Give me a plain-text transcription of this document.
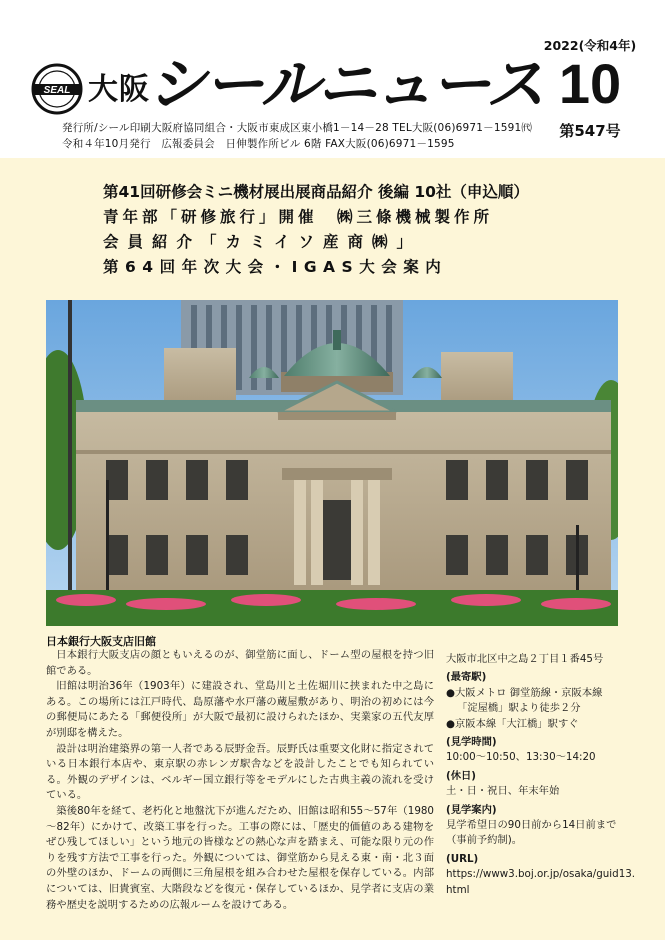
SEAL 大阪
シールニュース
発行所/シール印刷大阪府協同組合・大阪市東成区東小橋1－14－28 TEL大阪(06)6971－1591㈹
令和４年10月発行　広報委員会　日伸製作所ビル 6階 FAX大阪(06)6971－1595
2022(令和4年)
10
第547号
第41回研修会ミニ機材展出展商品紹介 後編 10社（申込順）
青年部「研修旅行」開催　㈱三條機械製作所
会員紹介「カミイソ産商㈱」
第64回年次大会・IGAS大会案内
日本銀行大阪支店旧館

日本銀行大阪支店の顔ともいえるのが、御堂筋に面し、ドーム型の屋根を持つ旧館である。

旧館は明治36年（1903年）に建設され、堂島川と土佐堀川に挟まれた中之島にある。この場所には江戸時代、島原藩や水戸藩の蔵屋敷があり、明治の初めには今の郵便局にあたる「郵便役所」が大阪で最初に設けられたほか、実業家の五代友厚が別邸を構えた。

設計は明治建築界の第一人者である辰野金吾。辰野氏は重要文化財に指定されている日本銀行本店や、東京駅の赤レンガ駅舎などを設計したことでも知られている。外観のデザインは、ベルギー国立銀行等をモデルにした古典主義の流れを受けている。

築後80年を経て、老朽化と地盤沈下が進んだため、旧館は昭和55～57年（1980～82年）にかけて、改築工事を行った。工事の際には、「歴史的価値のある建物をぜひ残してほしい」という地元の皆様などの熱心な声を踏まえ、可能な限り元の作りを残す方法で工事を行った。外観については、御堂筋から見える東・南・北３面の外壁のほか、ドームの両側に三角屋根を組み合わせた屋根を保存している。内部については、旧貴賓室、大階段などを復元・保存しているほか、見学者に支店の業務や歴史を説明するための広報ルームを設けてある。

大阪市北区中之島２丁目１番45号
(最寄駅)
●大阪メトロ 御堂筋線・京阪本線
「淀屋橋」駅より徒歩２分
●京阪本線「大江橋」駅すぐ
(見学時間)
10:00～10:50、13:30～14:20
(休日)
土・日・祝日、年末年始
(見学案内)
見学希望日の90日前から14日前まで（事前予約制)。
(URL)
https://www3.boj.or.jp/osaka/guid13.html
